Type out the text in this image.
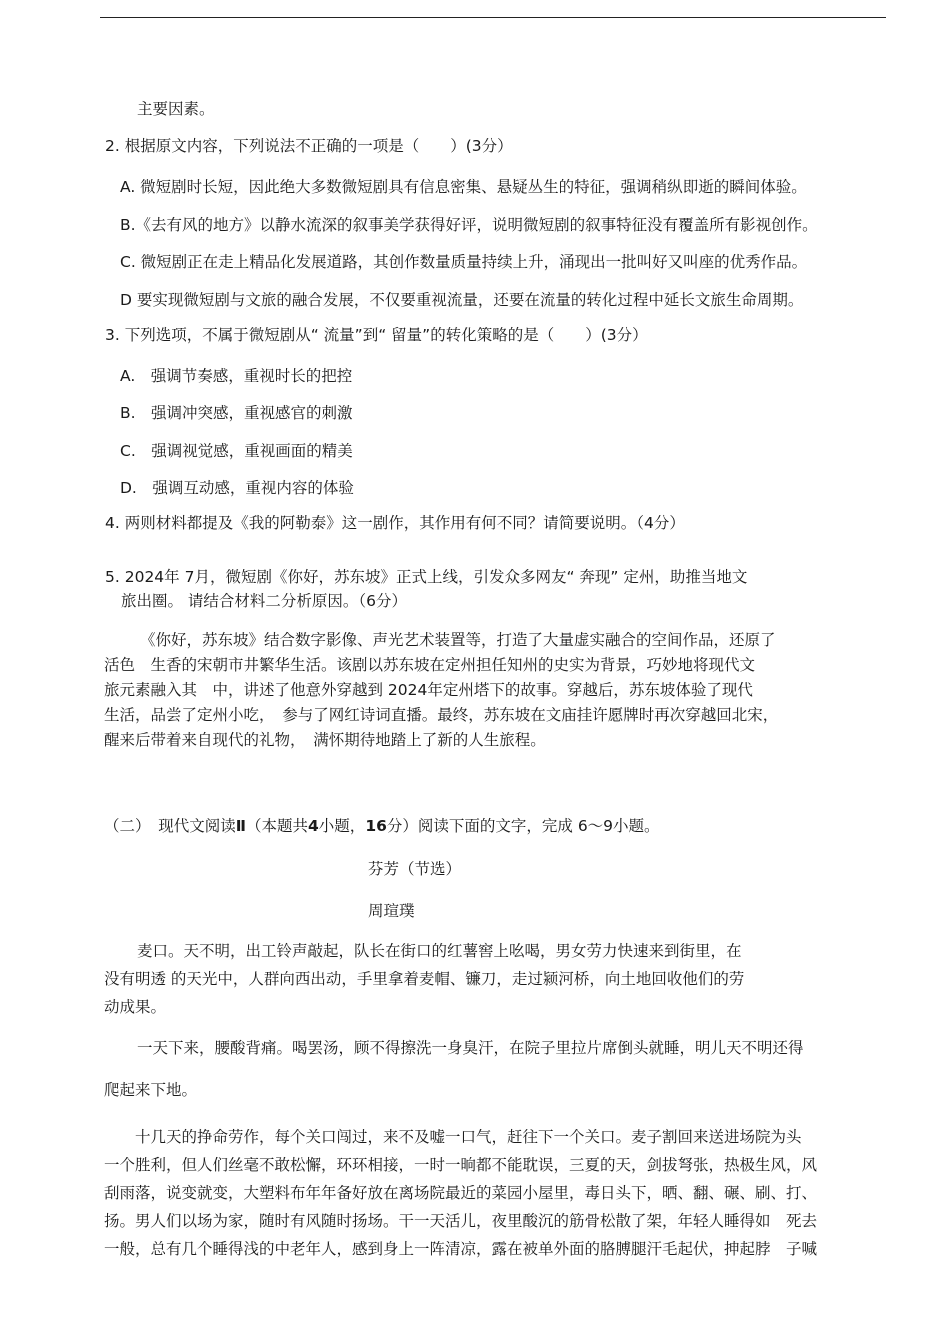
主要因素。

2. 根据原文内容，下列说法不正确的一项是（　　）(3分）

A. 微短剧时长短，因此绝大多数微短剧具有信息密集、悬疑丛生的特征，强调稍纵即逝的瞬间体验。

B.《去有风的地方》以静水流深的叙事美学获得好评，说明微短剧的叙事特征没有覆盖所有影视创作。

C. 微短剧正在走上精品化发展道路，其创作数量质量持续上升，涌现出一批叫好又叫座的优秀作品。

D 要实现微短剧与文旅的融合发展，不仅要重视流量，还要在流量的转化过程中延长文旅生命周期。

3. 下列选项，不属于微短剧从“ 流量”到“ 留量”的转化策略的是（　　）(3分）

A.　强调节奏感，重视时长的把控

B.　强调冲突感，重视感官的刺激

C.　强调视觉感，重视画面的精美

D.　强调互动感，重视内容的体验

4. 两则材料都提及《我的阿勒泰》这一剧作，其作用有何不同？请简要说明。（4分）

5. 2024年 7月，微短剧《你好，苏东坡》正式上线，引发众多网友“ 奔现” 定州，助推当地文

旅出圈。 请结合材料二分析原因。（6分）

《你好，苏东坡》结合数字影像、声光艺术装置等，打造了大量虚实融合的空间作品，还原了

活色　生香的宋朝市井繁华生活。该剧以苏东坡在定州担任知州的史实为背景，巧妙地将现代文

旅元素融入其　中，讲述了他意外穿越到 2024年定州塔下的故事。穿越后，苏东坡体验了现代

生活，品尝了定州小吃，　参与了网红诗词直播。最终，苏东坡在文庙挂许愿牌时再次穿越回北宋，

醒来后带着来自现代的礼物，　满怀期待地踏上了新的人生旅程。

（二）　现代文阅读Ⅱ（本题共4小题，16分）阅读下面的文字，完成 6～9小题。

芬芳（节选）

周瑄璞

麦口。天不明，出工铃声敲起，队长在街口的红薯窖上吆喝，男女劳力快速来到街里，在

没有明透 的天光中，人群向西出动，手里拿着麦帽、镰刀，走过颍河桥，向土地回收他们的劳

动成果。

一天下来，腰酸背痛。喝罢汤，顾不得擦洗一身臭汗，在院子里拉片席倒头就睡，明儿天不明还得

爬起来下地。

十几天的挣命劳作，每个关口闯过，来不及嘘一口气，赶往下一个关口。麦子割回来送进场院为头

一个胜利，但人们丝毫不敢松懈，环环相接，一时一晌都不能耽误，三夏的天，剑拔弩张，热极生风，风

刮雨落，说变就变，大塑料布年年备好放在离场院最近的菜园小屋里，毒日头下，晒、翻、碾、刷、打、

扬。男人们以场为家，随时有风随时扬场。干一天活儿，夜里酸沉的筋骨松散了架，年轻人睡得如　死去

一般，总有几个睡得浅的中老年人，感到身上一阵清凉，露在被单外面的胳膊腿汗毛起伏，抻起脖　子喊
